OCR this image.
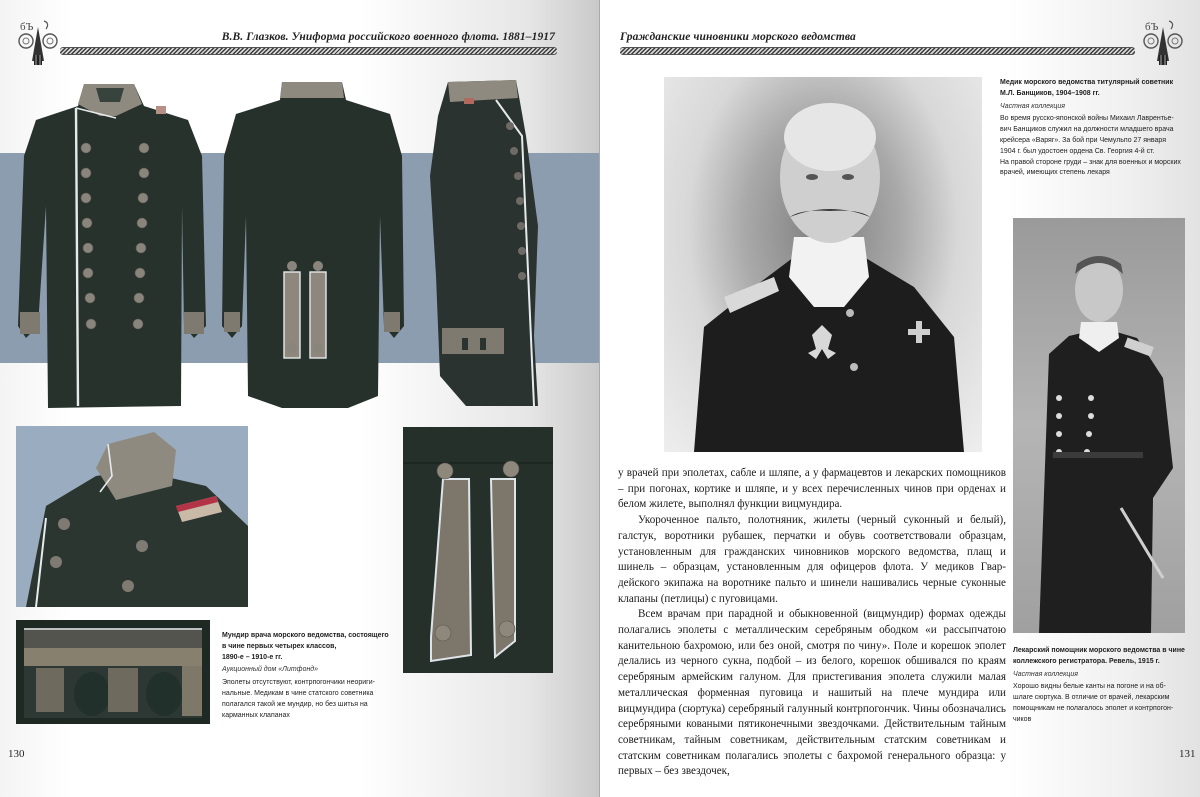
бЪ
В.В. Глазков. Униформа российского военного флота. 1881–1917
Мундир врача морского ведомства, состоящего
в чине первых четырех классов,
1890-е – 1910-е гг.
Аукционный дом «Литфонд»
Эполеты отсутствуют, контрпогончики неориги-
нальные. Медикам в чине статского советника
полагался такой же мундир, но без шитья на
карманных клапанах
130
Гражданские чиновники морского ведомства
бЪ
Медик морского ведомства титулярный советник
М.Л. Банщиков, 1904–1908 гг.
Частная коллекция
Во время русско-японской войны Михаил Лаврентье-
вич Банщиков служил на должности младшего врача
крейсера «Варяг». За бой при Чемульпо 27 января
1904 г. был удостоен ордена Св. Георгия 4-й ст.
На правой стороне груди – знак для военных и морских
врачей, имеющих степень лекаря

у врачей при эполетах, сабле и шляпе, а у фармацевтов и лекарских помощников – при погонах, кортике и шляпе, и у всех перечисленных чинов при орденах и белом жилете, выполнял функции вицмундира.

Укороченное пальто, полотняник, жилеты (черный суконный и белый), галстук, воротники рубашек, перчатки и обувь соответствовали образцам, установленным для гражданских чиновников морского ведомства, плащ и шинель – образцам, установленным для офицеров флота. У медиков Гвардейского экипажа на воротнике пальто и шинели нашивались черные суконные клапаны (петлицы) с пуговицами.

Всем врачам при парадной и обыкновенной (вицмундир) формах одежды полагались эполеты с металлическим серебряным ободком «и рассыпчатою канительною бахромою, или без оной, смотря по чину». Поле и корешок эполет делались из черного сукна, подбой – из белого, корешок обшивался по краям серебряным армейским галуном. Для пристегивания эполета служили малая металлическая форменная пуговица и нашитый на плече мундира или вицмундира (сюртука) серебряный галунный контрпогончик. Чины обозначались серебряными коваными пятиконечными звездочками. Действительным тайным советникам, тайным советникам, действительным статским советникам и статским советникам полагались эполеты с бахромой генерального образца: у первых – без звездочек,

Лекарский помощник морского ведомства в чине
коллежского регистратора. Ревель, 1915 г.
Частная коллекция
Хорошо видны белые канты на погоне и на об-
шлаге сюртука. В отличие от врачей, лекарским
помощникам не полагалось эполет и контрпогон-
чиков
131
